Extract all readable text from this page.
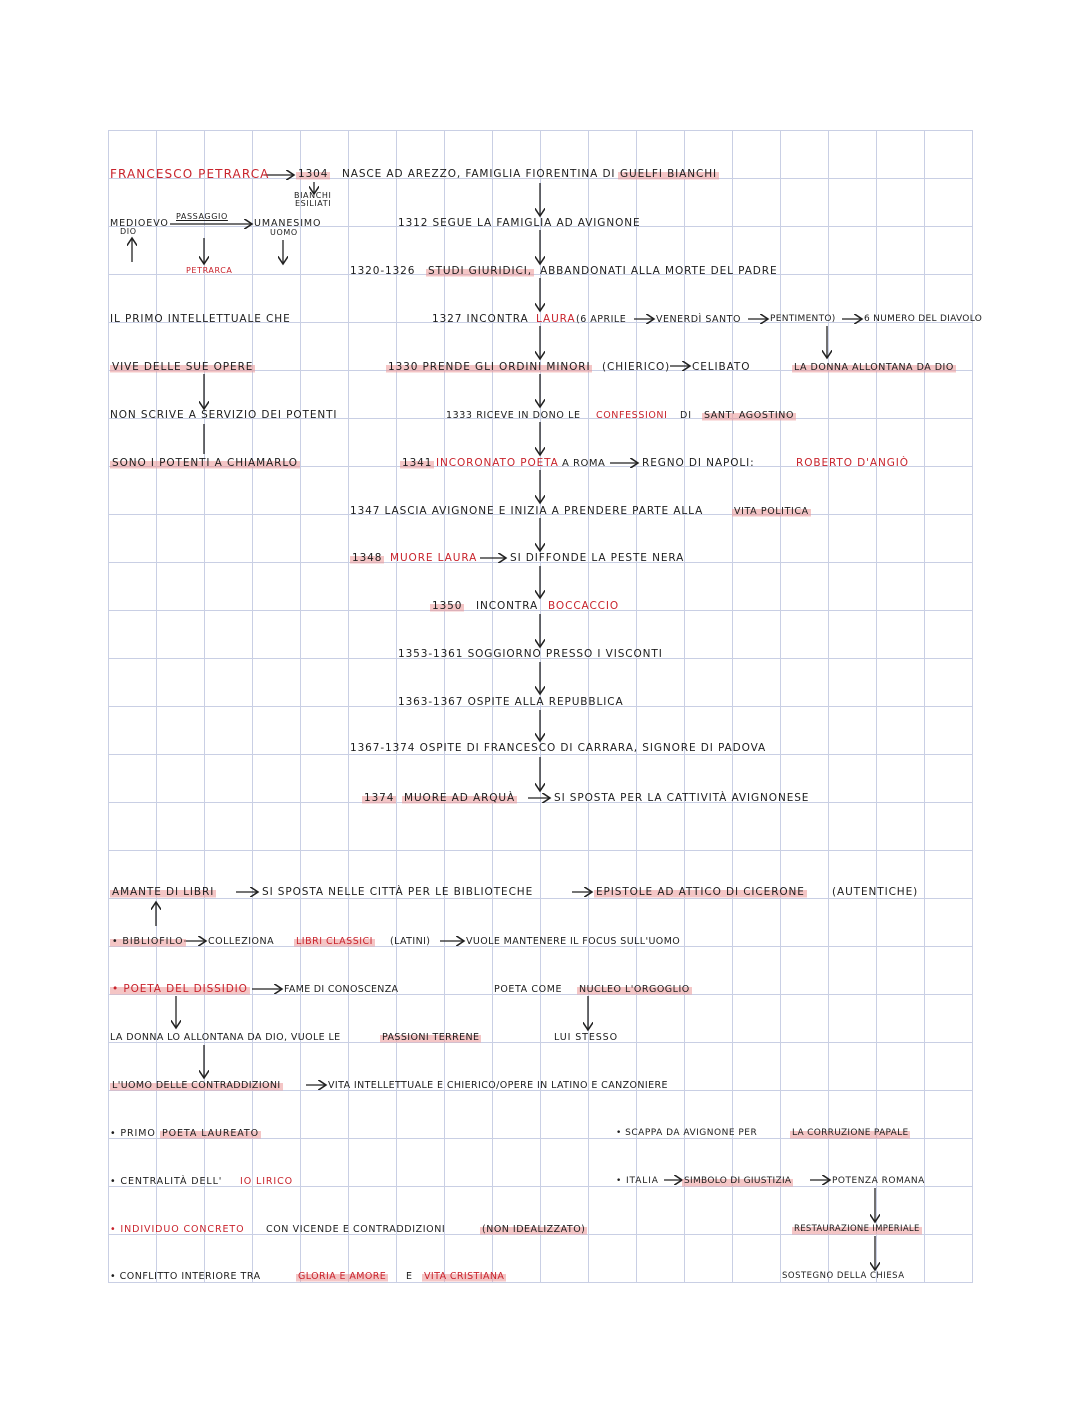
FRANCESCO PETRARCA	1304 NASCE AD AREZZO, FAMIGLIA FIORENTINA DI GUELFI BIANCHI
BIANCHI
ESILIATI
MEDIOEVO
DIO
PASSAGGIO
UMANESIMO
UOMO
PETRARCA
IL PRIMO INTELLETTUALE CHE
VIVE DELLE SUE OPERE
NON SCRIVE A SERVIZIO DEI POTENTI
SONO I POTENTI A CHIAMARLO
1312 SEGUE LA FAMIGLIA AD AVIGNONE
1320-1326 STUDI GIURIDICI, ABBANDONATI ALLA MORTE DEL PADRE
1327 INCONTRA LAURA (6 APRILE	VENERDÌ SANTO	PENTIMENTO)	6 NUMERO DEL DIAVOLO
LA DONNA ALLONTANA DA DIO
1330 PRENDE GLI ORDINI MINORI (CHIERICO) CELIBATO
1333 RICEVE IN DONO LE CONFESSIONI DI SANT' AGOSTINO
1341 INCORONATO POETA A ROMA	REGNO DI NAPOLI:	ROBERTO D'ANGIÒ
1347 LASCIA AVIGNONE E INIZIA A PRENDERE PARTE ALLA	VITA POLITICA
1348 MUORE LAURA	SI DIFFONDE LA PESTE NERA
1350 INCONTRA BOCCACCIO
1353-1361 SOGGIORNO PRESSO I VISCONTI
1363-1367 OSPITE ALLA REPUBBLICA
1367-1374 OSPITE DI FRANCESCO DI CARRARA, SIGNORE DI PADOVA
1374 MUORE AD ARQUÀ	SI SPOSTA PER LA CATTIVITÀ AVIGNONESE
AMANTE DI LIBRI	SI SPOSTA NELLE CITTÀ PER LE BIBLIOTECHE	EPISTOLE AD ATTICO DI CICERONE	(AUTENTICHE)
• BIBLIOFILO	COLLEZIONA LIBRI CLASSICI (LATINI)	VUOLE MANTENERE IL FOCUS SULL'UOMO
• POETA DEL DISSIDIO	FAME DI CONOSCENZA	POETA COME NUCLEO L'ORGOGLIO
LUI STESSO
LA DONNA LO ALLONTANA DA DIO, VUOLE LE	PASSIONI TERRENE
L'UOMO DELLE CONTRADDIZIONI	VITA INTELLETTUALE E CHIERICO/OPERE IN LATINO E CANZONIERE
• PRIMO POETA LAUREATO
• CENTRALITÀ DELL' IO LIRICO
• INDIVIDUO CONCRETO CON VICENDE E CONTRADDIZIONI	(NON IDEALIZZATO)
• CONFLITTO INTERIORE TRA	GLORIA E AMORE E VITA CRISTIANA
• SCAPPA DA AVIGNONE PER	LA CORRUZIONE PAPALE
• ITALIA	SIMBOLO DI GIUSTIZIA	POTENZA ROMANA
RESTAURAZIONE IMPERIALE
SOSTEGNO DELLA CHIESA
